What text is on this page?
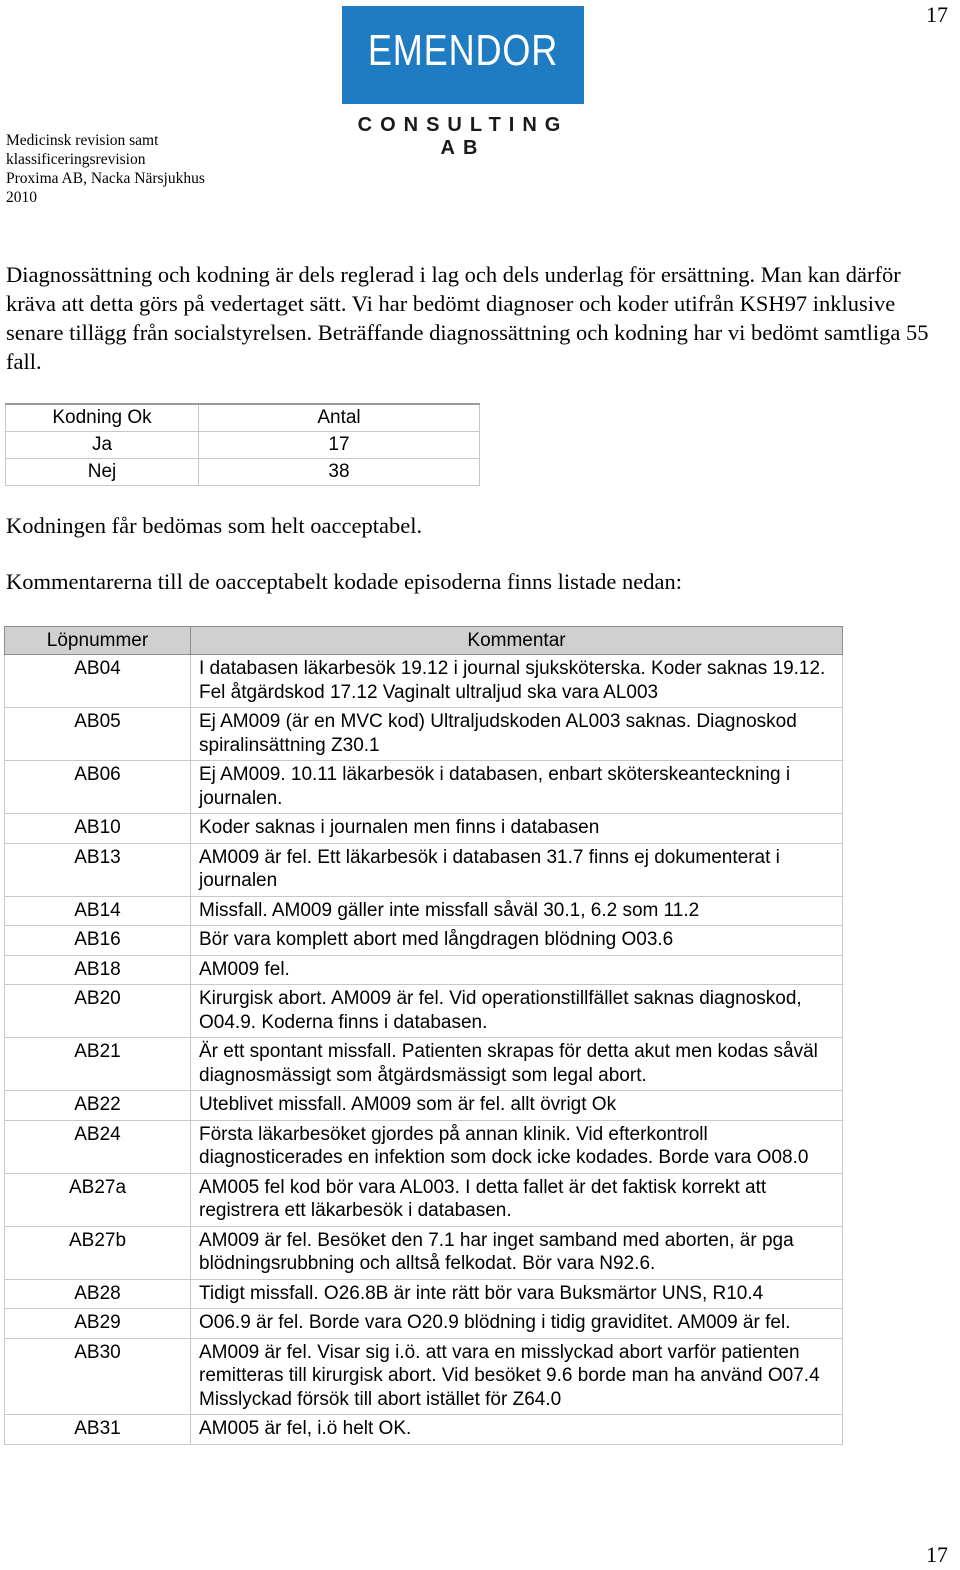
17
EMENDOR
CONSULTING AB
Medicinsk revision samt
klassificeringsrevision
Proxima AB, Nacka Närsjukhus
2010

Diagnossättning och kodning är dels reglerad i lag och dels underlag för ersättning. Man kan därför kräva att detta görs på vedertaget sätt. Vi har bedömt diagnoser och koder utifrån KSH97 inklusive senare tillägg från socialstyrelsen. Beträffande diagnossättning och kodning har vi bedömt samtliga 55 fall.

Kodning Ok	Antal
Ja	17
Nej	38

Kodningen får bedömas som helt oacceptabel.

Kommentarerna till de oacceptabelt kodade episoderna finns listade nedan:

Löpnummer	Kommentar
AB04	I databasen läkarbesök 19.12 i journal sjuksköterska. Koder saknas 19.12. Fel åtgärdskod 17.12 Vaginalt ultraljud ska vara AL003
AB05	Ej AM009 (är en MVC kod) Ultraljudskoden AL003 saknas. Diagnoskod spiralinsättning Z30.1
AB06	Ej AM009. 10.11 läkarbesök i databasen, enbart sköterskeanteckning i journalen.
AB10	Koder saknas i journalen men finns i databasen
AB13	AM009 är fel. Ett läkarbesök i databasen 31.7 finns ej dokumenterat i journalen
AB14	Missfall. AM009 gäller inte missfall såväl 30.1, 6.2 som 11.2
AB16	Bör vara komplett abort med långdragen blödning O03.6
AB18	AM009 fel.
AB20	Kirurgisk abort. AM009 är fel. Vid operationstillfället saknas diagnoskod, O04.9. Koderna finns i databasen.
AB21	Är ett spontant missfall. Patienten skrapas för detta akut men kodas såväl diagnosmässigt som åtgärdsmässigt som legal abort.
AB22	Uteblivet missfall. AM009 som är fel. allt övrigt Ok
AB24	Första läkarbesöket gjordes på annan klinik. Vid efterkontroll diagnosticerades en infektion som dock icke kodades. Borde vara O08.0
AB27a	AM005 fel kod bör vara AL003. I detta fallet är det faktisk korrekt att registrera ett läkarbesök i databasen.
AB27b	AM009 är fel. Besöket den 7.1 har inget samband med aborten, är pga blödningsrubbning och alltså felkodat. Bör vara N92.6.
AB28	Tidigt missfall. O26.8B är inte rätt bör vara Buksmärtor UNS, R10.4
AB29	O06.9 är fel. Borde vara O20.9 blödning i tidig graviditet. AM009 är fel.
AB30	AM009 är fel. Visar sig i.ö. att vara en misslyckad abort varför patienten remitteras till kirurgisk abort. Vid besöket 9.6 borde man ha använd O07.4 Misslyckad försök till abort istället för Z64.0
AB31	AM005 är fel, i.ö helt OK.
17
